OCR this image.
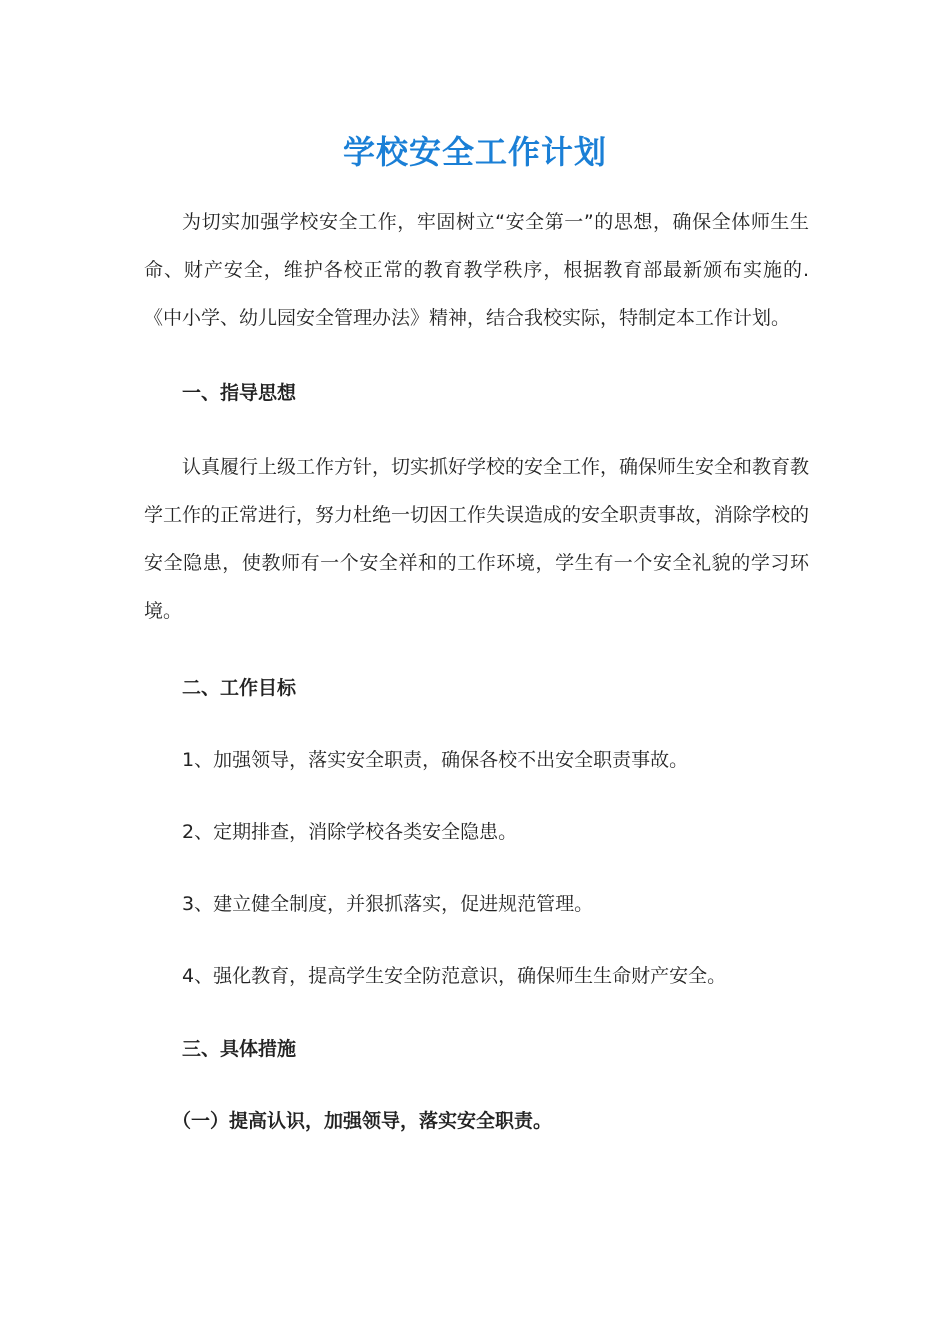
学校安全工作计划

为切实加强学校安全工作，牢固树立“安全第一”的思想，确保全体师生生命、财产安全，维护各校正常的教育教学秩序，根据教育部最新颁布实施的.《中小学、幼儿园安全管理办法》精神，结合我校实际，特制定本工作计划。

一、指导思想

认真履行上级工作方针，切实抓好学校的安全工作，确保师生安全和教育教学工作的正常进行，努力杜绝一切因工作失误造成的安全职责事故，消除学校的安全隐患，使教师有一个安全祥和的工作环境，学生有一个安全礼貌的学习环境。

二、工作目标

1、加强领导，落实安全职责，确保各校不出安全职责事故。

2、定期排查，消除学校各类安全隐患。

3、建立健全制度，并狠抓落实，促进规范管理。

4、强化教育，提高学生安全防范意识，确保师生生命财产安全。

三、具体措施

（一）提高认识，加强领导，落实安全职责。
